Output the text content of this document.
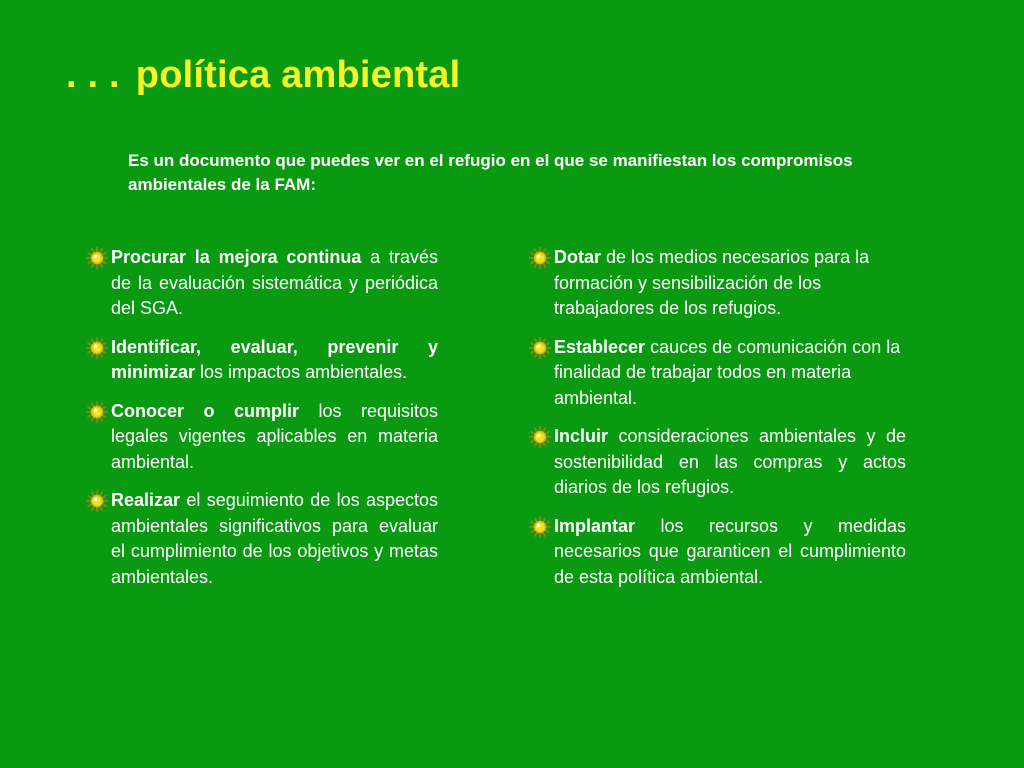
. . . política ambiental
Es un documento que puedes ver en el refugio en el que se manifiestan los compromisos ambientales de la FAM:
Procurar la mejora continua a través de la evaluación sistemática y periódica del SGA.
Identificar, evaluar, prevenir y minimizar los impactos ambientales.
Conocer o cumplir los requisitos legales vigentes aplicables en materia ambiental.
Realizar el seguimiento de los aspectos ambientales significativos para evaluar el cumplimiento de los objetivos y metas ambientales.
Dotar de los medios necesarios para la formación y sensibilización de los trabajadores de los refugios.
Establecer cauces de comunicación con la finalidad de trabajar todos en materia ambiental.
Incluir consideraciones ambientales y de sostenibilidad en las compras y actos diarios de los refugios.
Implantar los recursos y medidas necesarios que garanticen el cumplimiento de esta política ambiental.
